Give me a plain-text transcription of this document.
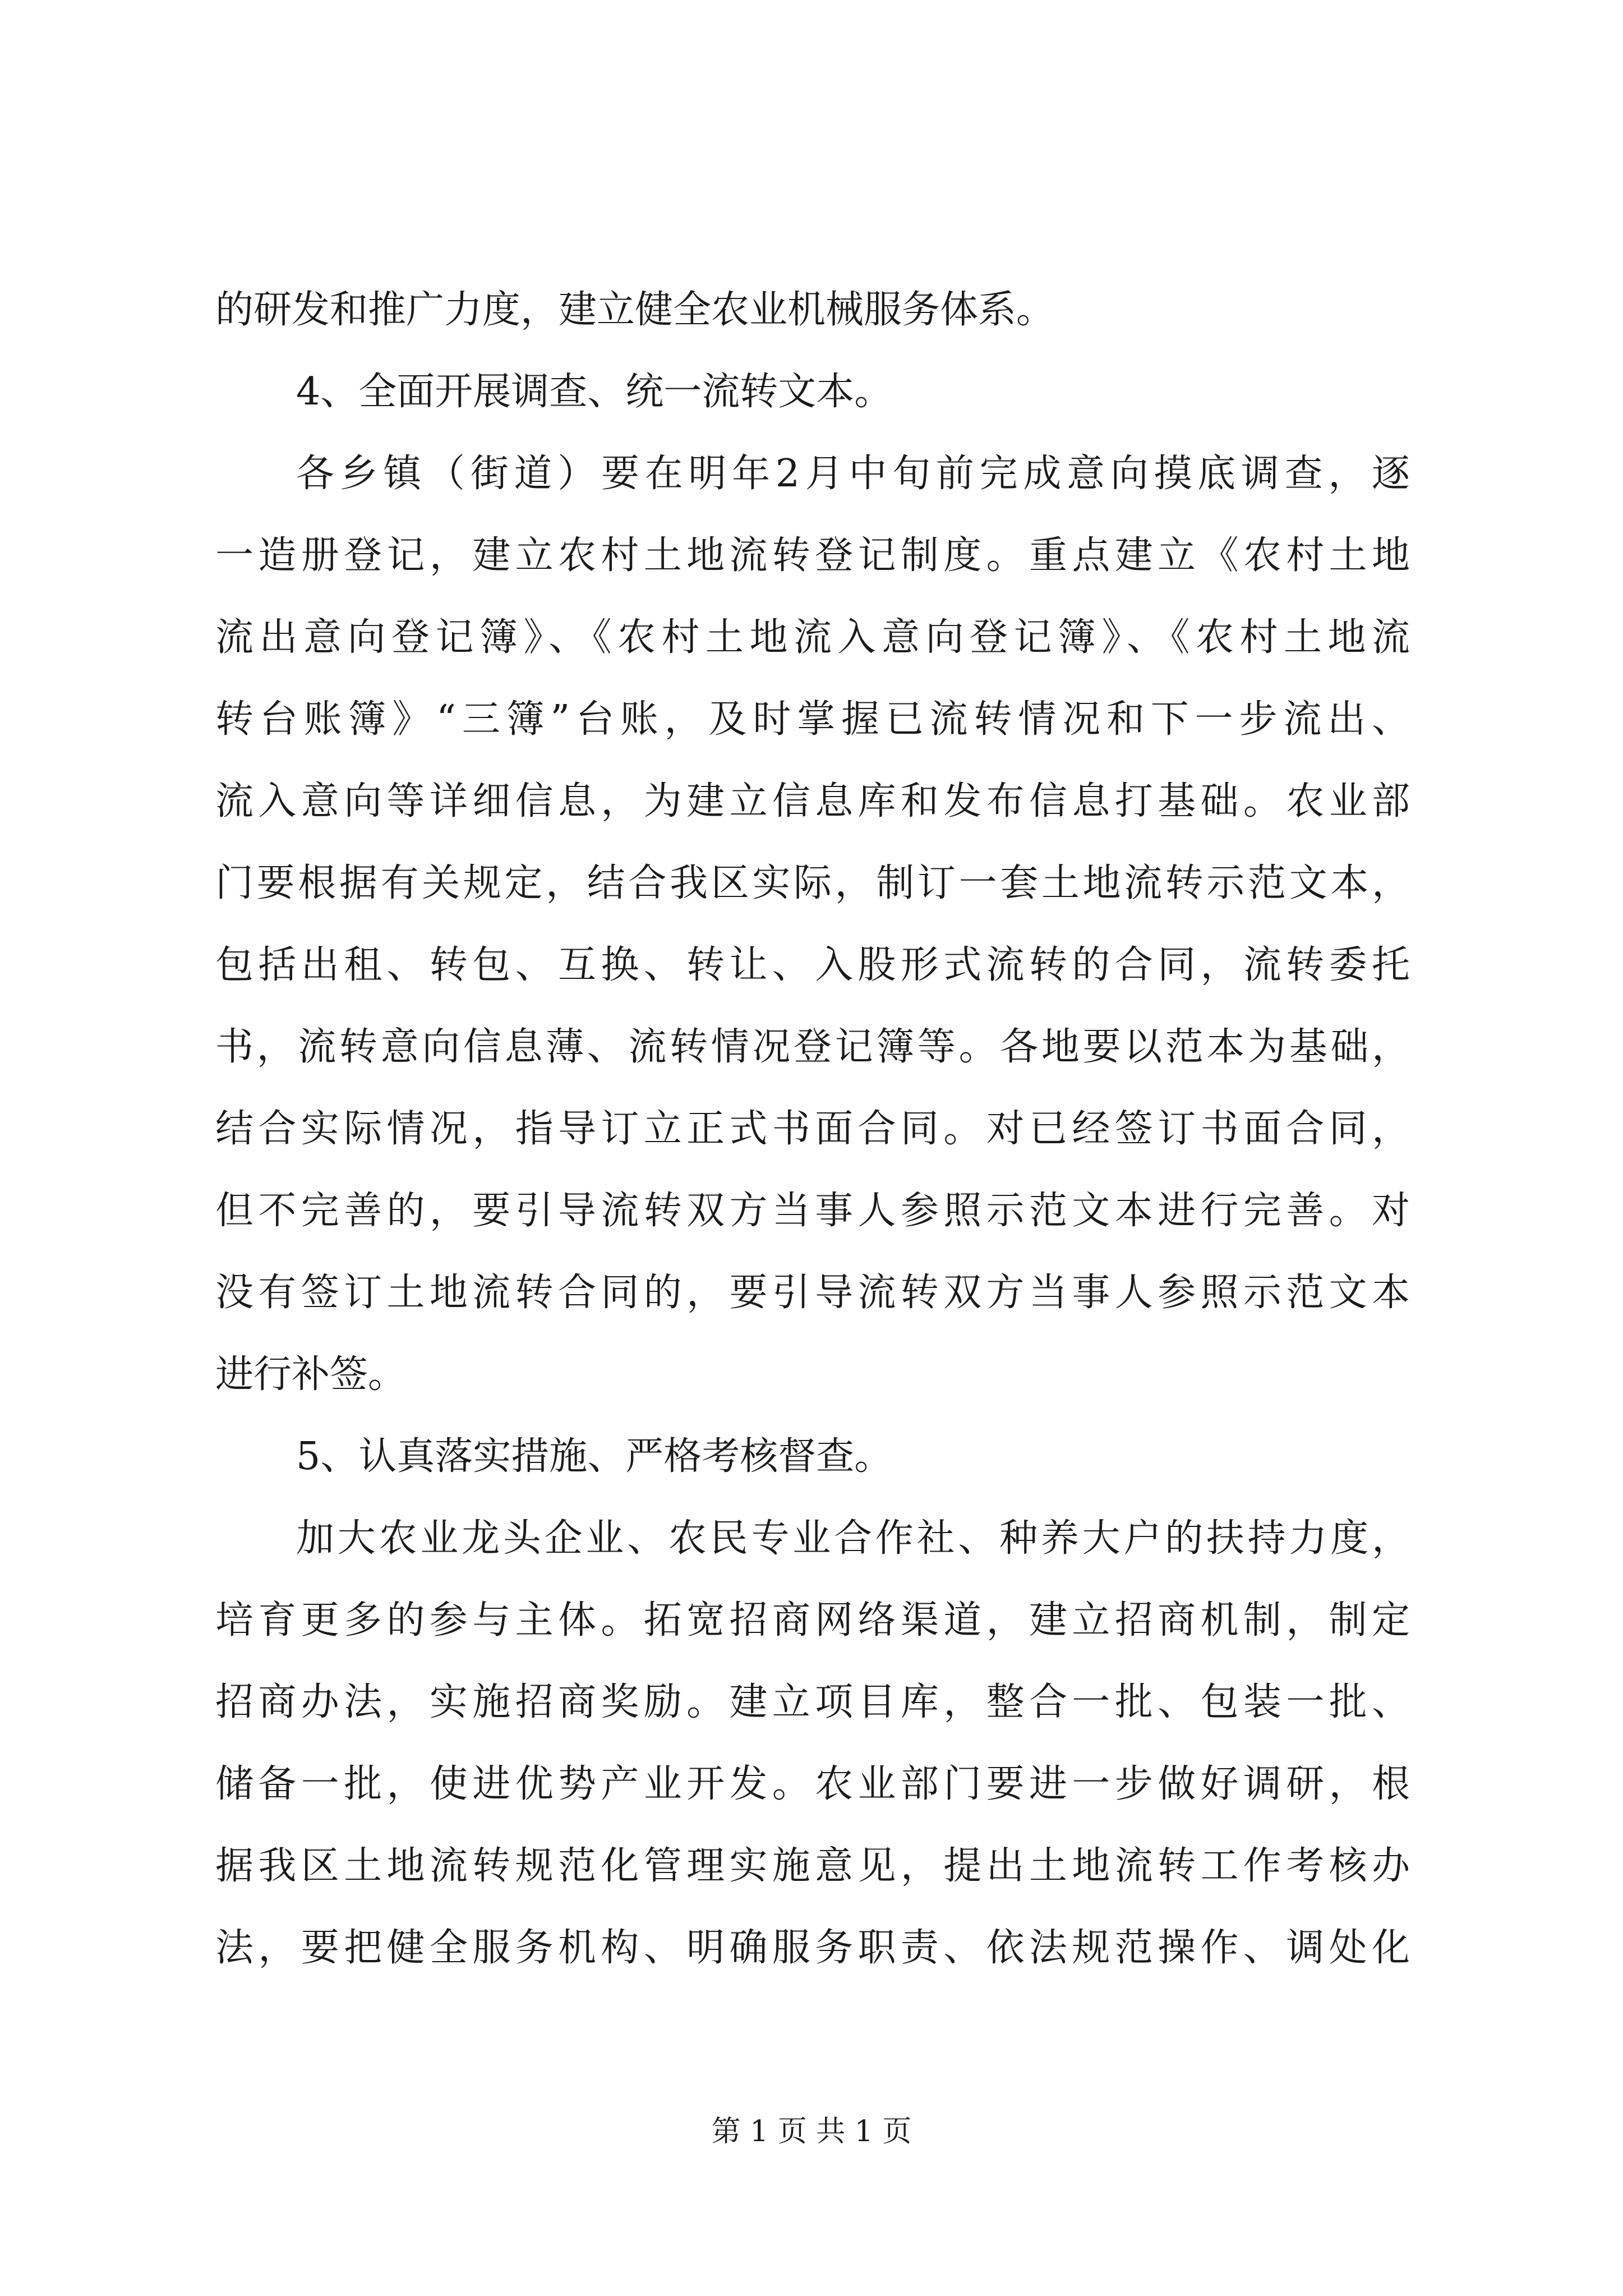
的研发和推广力度，建立健全农业机械服务体系。
4、全面开展调查、统一流转文本。
各乡镇（街道）要在明年2月中旬前完成意向摸底调查，逐
一造册登记，建立农村土地流转登记制度。重点建立《农村土地
流出意向登记簿》、《农村土地流入意向登记簿》、《农村土地流
转台账簿》“三簿”台账，及时掌握已流转情况和下一步流出、
流入意向等详细信息，为建立信息库和发布信息打基础。农业部
门要根据有关规定，结合我区实际，制订一套土地流转示范文本，
包括出租、转包、互换、转让、入股形式流转的合同，流转委托
书，流转意向信息薄、流转情况登记簿等。各地要以范本为基础，
结合实际情况，指导订立正式书面合同。对已经签订书面合同，
但不完善的，要引导流转双方当事人参照示范文本进行完善。对
没有签订土地流转合同的，要引导流转双方当事人参照示范文本
进行补签。
5、认真落实措施、严格考核督查。
加大农业龙头企业、农民专业合作社、种养大户的扶持力度，
培育更多的参与主体。拓宽招商网络渠道，建立招商机制，制定
招商办法，实施招商奖励。建立项目库，整合一批、包装一批、
储备一批，使进优势产业开发。农业部门要进一步做好调研，根
据我区土地流转规范化管理实施意见，提出土地流转工作考核办
法，要把健全服务机构、明确服务职责、依法规范操作、调处化
第 1 页 共 1 页
